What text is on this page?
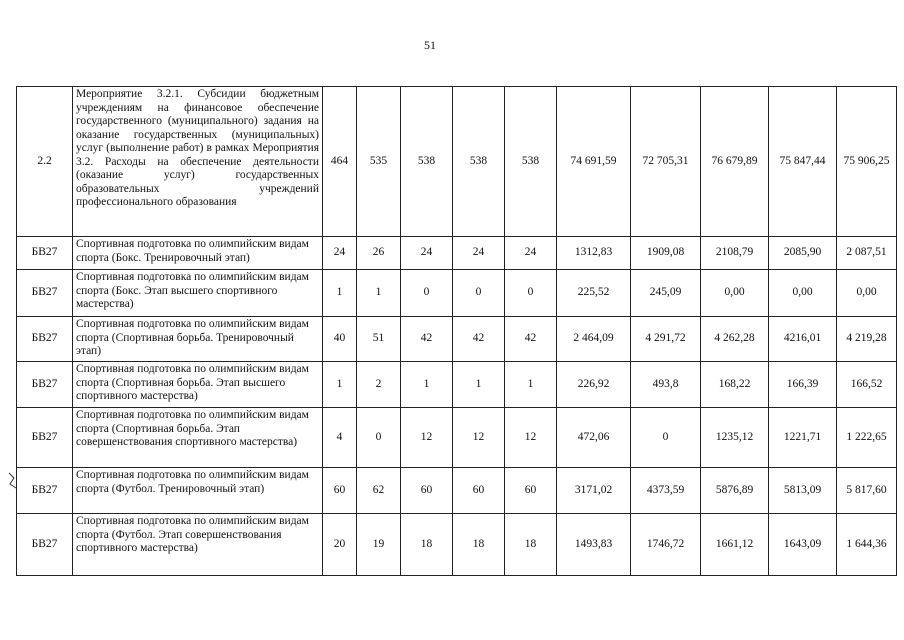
51
2.2	Мероприятие 3.2.1. Субсидии бюджетным учреждениям на финансовое обеспечение государственного (муниципального) задания на оказание государственных (муниципальных) услуг (выполнение работ) в рамках Мероприятия 3.2. Расходы на обеспечение деятельности (оказание услуг) государственных образовательных учреждений профессионального образования	464	535	538	538	538	74 691,59	72 705,31	76 679,89	75 847,44	75 906,25
БВ27	Спортивная подготовка по олимпийским видам спорта (Бокс. Тренировочный этап)	24	26	24	24	24	1312,83	1909,08	2108,79	2085,90	2 087,51
БВ27	Спортивная подготовка по олимпийским видам спорта (Бокс. Этап высшего спортивного мастерства)	1	1	0	0	0	225,52	245,09	0,00	0,00	0,00
БВ27	Спортивная подготовка по олимпийским видам спорта (Спортивная борьба. Тренировочный этап)	40	51	42	42	42	2 464,09	4 291,72	4 262,28	4216,01	4 219,28
БВ27	Спортивная подготовка по олимпийским видам спорта (Спортивная борьба. Этап высшего спортивного мастерства)	1	2	1	1	1	226,92	493,8	168,22	166,39	166,52
БВ27	Спортивная подготовка по олимпийским видам спорта (Спортивная борьба. Этап совершенствования спортивного мастерства)	4	0	12	12	12	472,06	0	1235,12	1221,71	1 222,65
БВ27	Спортивная подготовка по олимпийским видам спорта (Футбол. Тренировочный этап)	60	62	60	60	60	3171,02	4373,59	5876,89	5813,09	5 817,60
БВ27	Спортивная подготовка по олимпийским видам спорта (Футбол. Этап совершенствования спортивного мастерства)	20	19	18	18	18	1493,83	1746,72	1661,12	1643,09	1 644,36
